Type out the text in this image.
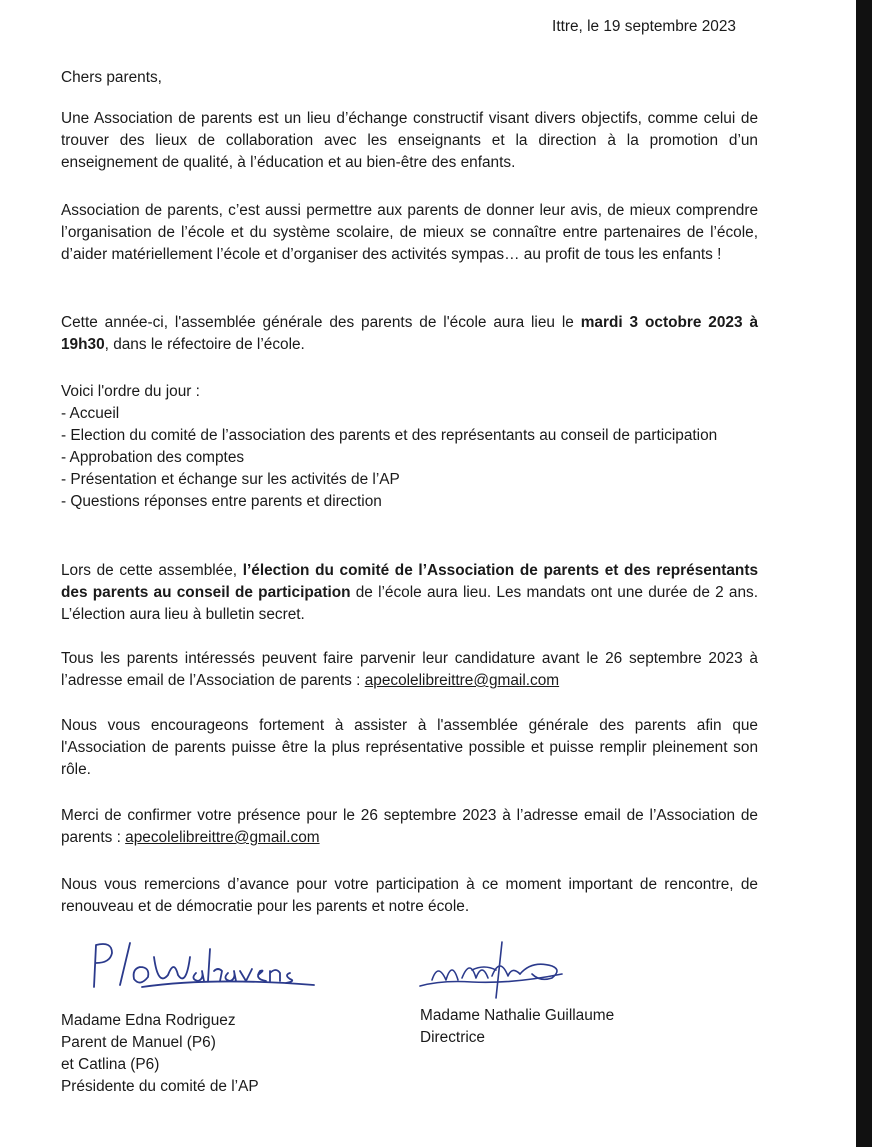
Ittre, le 19 septembre 2023

Chers parents,

Une Association de parents est un lieu d’échange constructif visant divers objectifs, comme celui de trouver des lieux de collaboration avec les enseignants et la direction à la promotion d’un enseignement de qualité, à l’éducation et au bien-être des enfants.

Association de parents, c’est aussi permettre aux parents de donner leur avis, de mieux comprendre l’organisation de l’école et du système scolaire, de mieux se connaître entre partenaires de l’école, d’aider matériellement l’école et d’organiser des activités sympas… au profit de tous les enfants !

Cette année-ci, l'assemblée générale des parents de l'école aura lieu le mardi 3 octobre 2023 à 19h30, dans le réfectoire de l’école.

Voici l'ordre du jour :
- Accueil
- Election du comité de l’association des parents et des représentants au conseil de participation
- Approbation des comptes
- Présentation et échange sur les activités de l’AP
- Questions réponses entre parents et direction

Lors de cette assemblée, l’élection du comité de l’Association de parents et des représentants des parents au conseil de participation de l’école aura lieu. Les mandats ont une durée de 2 ans. L’élection aura lieu à bulletin secret.

Tous les parents intéressés peuvent faire parvenir leur candidature avant le 26 septembre 2023 à l’adresse email de l’Association de parents : apecolelibreittre@gmail.com

Nous vous encourageons fortement à assister à l'assemblée générale des parents afin que l'Association de parents puisse être la plus représentative possible et puisse remplir pleinement son rôle.

Merci de confirmer votre présence pour le 26 septembre 2023 à l’adresse email de l’Association de parents : apecolelibreittre@gmail.com

Nous vous remercions d’avance pour votre participation à ce moment important de rencontre, de renouveau et de démocratie pour les parents et notre école.

Madame Edna Rodriguez
Parent de Manuel (P6)
et Catlina (P6)
Présidente du comité de l’AP
Madame Nathalie Guillaume
Directrice
